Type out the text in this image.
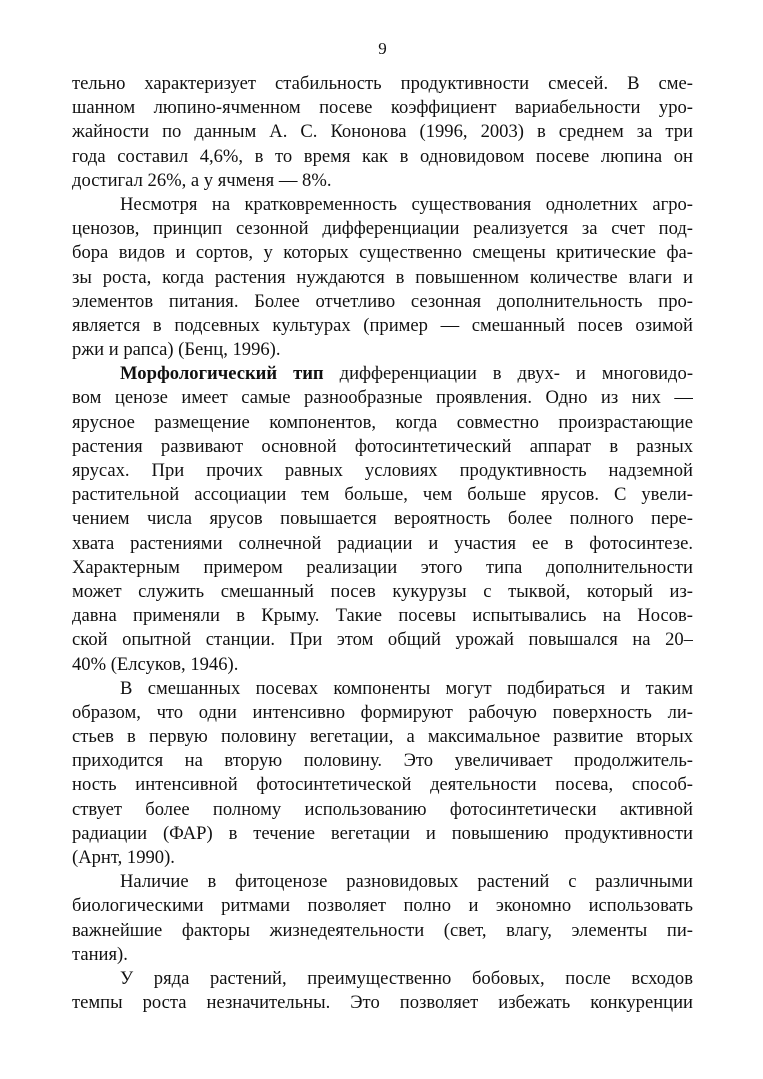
9
тельно характеризует стабильность продуктивности смесей. В сме-
шанном люпино-ячменном посеве коэффициент вариабельности уро-
жайности по данным А. С. Кононова (1996, 2003) в среднем за три
года составил 4,6%, в то время как в одновидовом посеве люпина он
достигал 26%, а у ячменя — 8%.
Несмотря на кратковременность существования однолетних агро-
ценозов, принцип сезонной дифференциации реализуется за счет под-
бора видов и сортов, у которых существенно смещены критические фа-
зы роста, когда растения нуждаются в повышенном количестве влаги и
элементов питания. Более отчетливо сезонная дополнительность про-
является в подсевных культурах (пример — смешанный посев озимой
ржи и рапса) (Бенц, 1996).
Морфологический тип дифференциации в двух- и многовидо-
вом ценозе имеет самые разнообразные проявления. Одно из них —
ярусное размещение компонентов, когда совместно произрастающие
растения развивают основной фотосинтетический аппарат в разных
ярусах. При прочих равных условиях продуктивность надземной
растительной ассоциации тем больше, чем больше ярусов. С увели-
чением числа ярусов повышается вероятность более полного пере-
хвата растениями солнечной радиации и участия ее в фотосинтезе.
Характерным примером реализации этого типа дополнительности
может служить смешанный посев кукурузы с тыквой, который из-
давна применяли в Крыму. Такие посевы испытывались на Носов-
ской опытной станции. При этом общий урожай повышался на 20–
40% (Елсуков, 1946).
В смешанных посевах компоненты могут подбираться и таким
образом, что одни интенсивно формируют рабочую поверхность ли-
стьев в первую половину вегетации, а максимальное развитие вторых
приходится на вторую половину. Это увеличивает продолжитель-
ность интенсивной фотосинтетической деятельности посева, способ-
ствует более полному использованию фотосинтетически активной
радиации (ФАР) в течение вегетации и повышению продуктивности
(Арнт, 1990).
Наличие в фитоценозе разновидовых растений с различными
биологическими ритмами позволяет полно и экономно использовать
важнейшие факторы жизнедеятельности (свет, влагу, элементы пи-
тания).
У ряда растений, преимущественно бобовых, после всходов
темпы роста незначительны. Это позволяет избежать конкуренции
